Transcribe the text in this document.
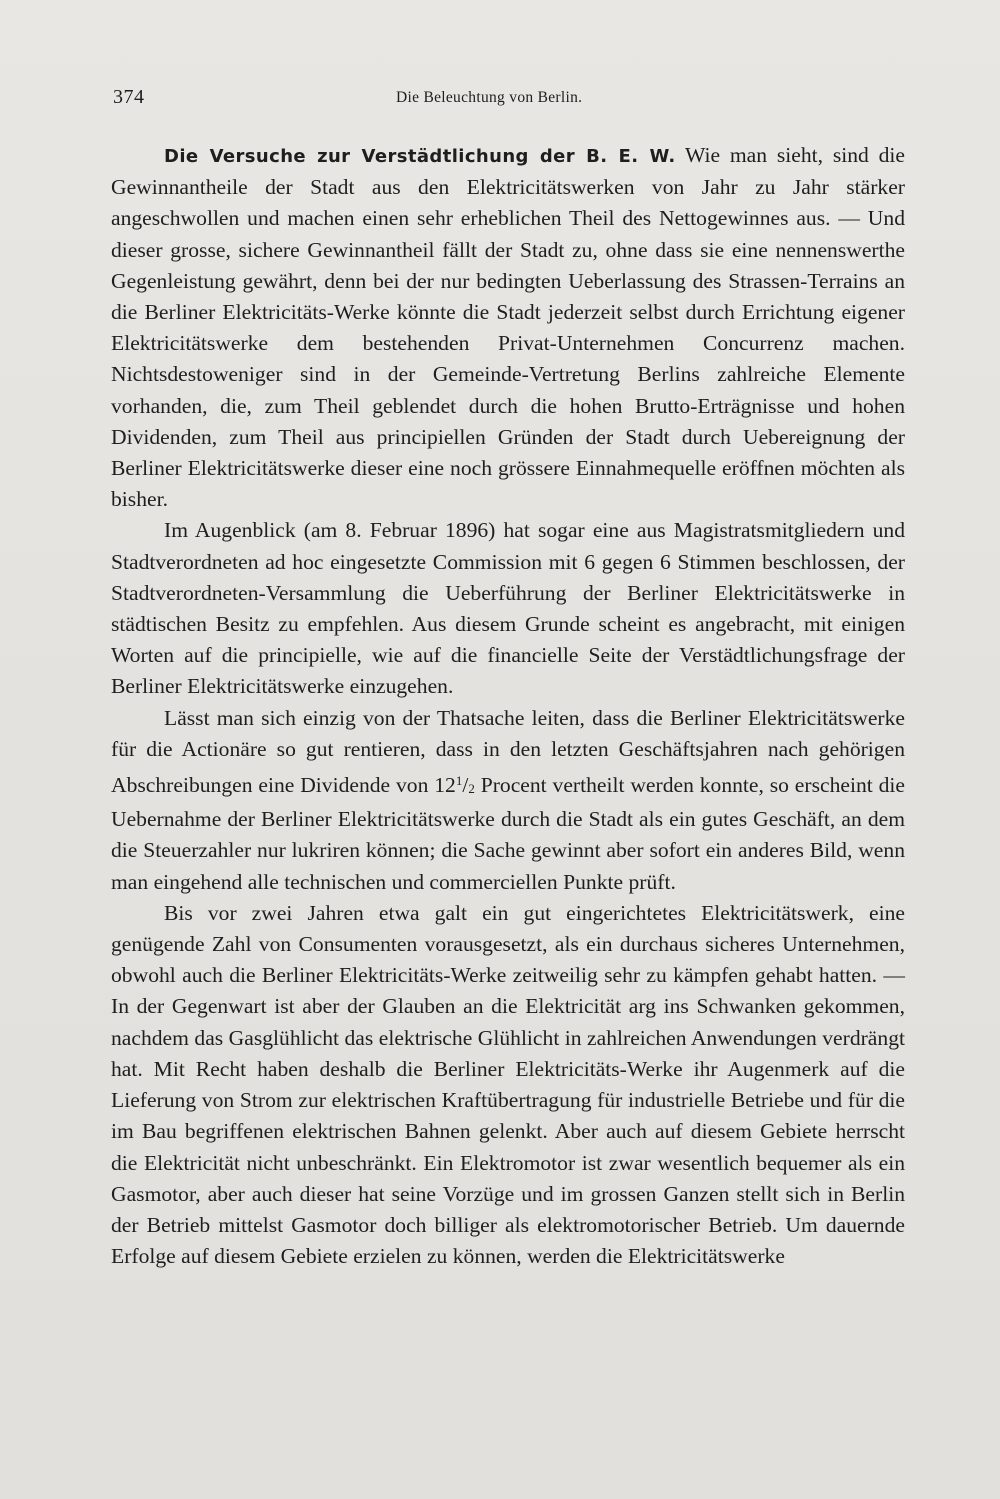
374	Die Beleuchtung von Berlin.

Die Versuche zur Verstädtlichung der B. E. W. Wie man sieht, sind die Gewinnantheile der Stadt aus den Elektricitätswerken von Jahr zu Jahr stärker angeschwollen und machen einen sehr erheblichen Theil des Nettogewinnes aus. — Und dieser grosse, sichere Gewinnantheil fällt der Stadt zu, ohne dass sie eine nennenswerthe Gegenleistung gewährt, denn bei der nur bedingten Ueberlassung des Strassen-Terrains an die Berliner Elektricitäts-Werke könnte die Stadt jederzeit selbst durch Errichtung eigener Elektricitätswerke dem bestehenden Privat-Unternehmen Concurrenz machen. Nichtsdestoweniger sind in der Gemeinde-Vertretung Berlins zahlreiche Elemente vorhanden, die, zum Theil geblendet durch die hohen Brutto-Erträgnisse und hohen Dividenden, zum Theil aus principiellen Gründen der Stadt durch Uebereignung der Berliner Elektricitätswerke dieser eine noch grössere Einnahmequelle eröffnen möchten als bisher.

Im Augenblick (am 8. Februar 1896) hat sogar eine aus Magistratsmitgliedern und Stadtverordneten ad hoc eingesetzte Commission mit 6 gegen 6 Stimmen beschlossen, der Stadtverordneten-Versammlung die Ueberführung der Berliner Elektricitätswerke in städtischen Besitz zu empfehlen. Aus diesem Grunde scheint es angebracht, mit einigen Worten auf die principielle, wie auf die financielle Seite der Verstädtlichungsfrage der Berliner Elektricitätswerke einzugehen.

Lässt man sich einzig von der Thatsache leiten, dass die Berliner Elektricitätswerke für die Actionäre so gut rentieren, dass in den letzten Geschäftsjahren nach gehörigen Abschreibungen eine Dividende von $12^1/2$ Procent vertheilt werden konnte, so erscheint die Uebernahme der Berliner Elektricitätswerke durch die Stadt als ein gutes Geschäft, an dem die Steuerzahler nur lukriren können; die Sache gewinnt aber sofort ein anderes Bild, wenn man eingehend alle technischen und commerciellen Punkte prüft.

Bis vor zwei Jahren etwa galt ein gut eingerichtetes Elektricitätswerk, eine genügende Zahl von Consumenten vorausgesetzt, als ein durchaus sicheres Unternehmen, obwohl auch die Berliner Elektricitäts-Werke zeitweilig sehr zu kämpfen gehabt hatten. — In der Gegenwart ist aber der Glauben an die Elektricität arg ins Schwanken gekommen, nachdem das Gasglühlicht das elektrische Glühlicht in zahlreichen Anwendungen verdrängt hat. Mit Recht haben deshalb die Berliner Elektricitäts-Werke ihr Augenmerk auf die Lieferung von Strom zur elektrischen Kraftübertragung für industrielle Betriebe und für die im Bau begriffenen elektrischen Bahnen gelenkt. Aber auch auf diesem Gebiete herrscht die Elektricität nicht unbeschränkt. Ein Elektromotor ist zwar wesentlich bequemer als ein Gasmotor, aber auch dieser hat seine Vorzüge und im grossen Ganzen stellt sich in Berlin der Betrieb mittelst Gasmotor doch billiger als elektromotorischer Betrieb. Um dauernde Erfolge auf diesem Gebiete erzielen zu können, werden die Elektricitätswerke
